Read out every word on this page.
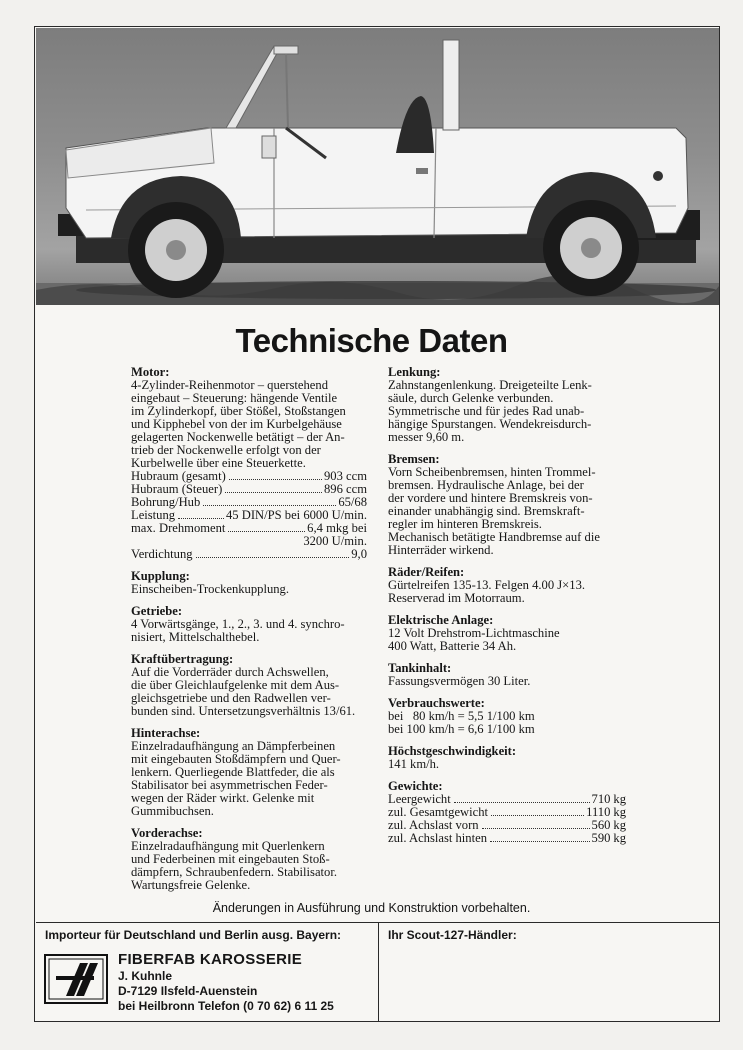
Technische Daten
Motor:

4-Zylinder-Reihenmotor – querstehend

eingebaut – Steuerung: hängende Ventile

im Zylinderkopf, über Stößel, Stoßstangen

und Kipphebel von der im Kurbelgehäuse

gelagerten Nockenwelle betätigt – der An-

trieb der Nockenwelle erfolgt von der

Kurbelwelle über eine Steuerkette.

Hubraum (gesamt)	903 ccm
Hubraum (Steuer)	896 ccm
Bohrung/Hub	65/68
Leistung	45 DIN/PS bei 6000 U/min.
max. Drehmoment	6,4 mkg bei

3200 U/min.

Verdichtung	9,0
Kupplung:

Einscheiben-Trockenkupplung.

Getriebe:

4 Vorwärtsgänge, 1., 2., 3. und 4. synchro-

nisiert, Mittelschalthebel.

Kraftübertragung:

Auf die Vorderräder durch Achswellen,

die über Gleichlaufgelenke mit dem Aus-

gleichsgetriebe und den Radwellen ver-

bunden sind. Untersetzungsverhältnis 13/61.

Hinterachse:

Einzelradaufhängung an Dämpferbeinen

mit eingebauten Stoßdämpfern und Quer-

lenkern. Querliegende Blattfeder, die als

Stabilisator bei asymmetrischen Feder-

wegen der Räder wirkt. Gelenke mit

Gummibuchsen.

Vorderachse:

Einzelradaufhängung mit Querlenkern

und Federbeinen mit eingebauten Stoß-

dämpfern, Schraubenfedern. Stabilisator.

Wartungsfreie Gelenke.

Lenkung:

Zahnstangenlenkung. Dreigeteilte Lenk-

säule, durch Gelenke verbunden.

Symmetrische und für jedes Rad unab-

hängige Spurstangen. Wendekreisdurch-

messer 9,60 m.

Bremsen:

Vorn Scheibenbremsen, hinten Trommel-

bremsen. Hydraulische Anlage, bei der

der vordere und hintere Bremskreis von-

einander unabhängig sind. Bremskraft-

regler im hinteren Bremskreis.

Mechanisch betätigte Handbremse auf die

Hinterräder wirkend.

Räder/Reifen:

Gürtelreifen 135-13. Felgen 4.00 J×13.

Reserverad im Motorraum.

Elektrische Anlage:

12 Volt Drehstrom-Lichtmaschine

400 Watt, Batterie 34 Ah.

Tankinhalt:

Fassungsvermögen 30 Liter.

Verbrauchswerte:

bei   80 km/h = 5,5 1/100 km

bei 100 km/h = 6,6 1/100 km

Höchstgeschwindigkeit:

141 km/h.

Gewichte:
Leergewicht	710 kg
zul. Gesamtgewicht	1110 kg
zul. Achslast vorn	560 kg
zul. Achslast hinten	590 kg
Änderungen in Ausführung und Konstruktion vorbehalten.
Importeur für Deutschland und Berlin ausg. Bayern:	Ihr Scout-127-Händler:
FIBERFAB KAROSSERIE
J. Kuhnle
D-7129 Ilsfeld-Auenstein
bei Heilbronn Telefon (0 70 62) 6 11 25
